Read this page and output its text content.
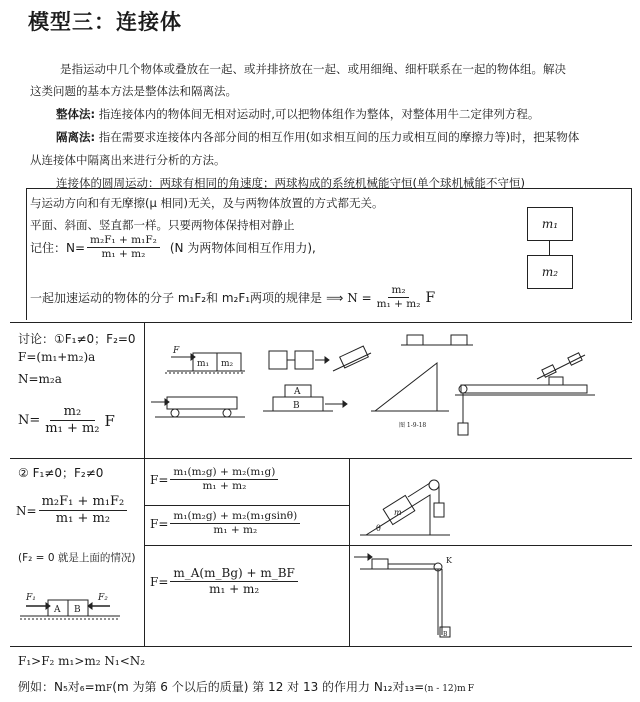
模型三：连接体
是指运动中几个物体或叠放在一起、或并排挤放在一起、或用细绳、细杆联系在一起的物体组。解决
这类问题的基本方法是整体法和隔离法。
整体法: 指连接体内的物体间无相对运动时,可以把物体组作为整体，对整体用牛二定律列方程。
隔离法: 指在需要求连接体内各部分间的相互作用(如求相互间的压力或相互间的摩擦力等)时，把某物体
从连接体中隔离出来进行分析的方法。
连接体的圆周运动：两球有相同的角速度；两球构成的系统机械能守恒(单个球机械能不守恒)
与运动方向和有无摩擦(μ 相同)无关，及与两物体放置的方式都无关。
平面、斜面、竖直都一样。只要两物体保持相对静止
记住：$N= \frac{\text{m₂F₁ + m₁F₂}}{\text{m₁ + m₂}} (N$ 为两物体间相互作用力),
一起加速运动的物体的分子 m₁F₂和 m₂F₁两项的规律是 ⟹ $N = \frac{\text{m₂}}{\text{m₁ + m₂}}$ F
m₁
m₂
讨论：①F₁≠0；F₂=0
F=(m₁+m₂)a
N=m₂a
$N= \frac{\text{m₂}}{\text{m₁ + m₂}}$ F
F
m₁ m₂
A
B
图 1-9-18
② F₁≠0；F₂≠0
$N= \frac{\text{m₂F₁ + m₁F₂}}{\text{m₁ + m₂}}$
(F₂ = 0 就是上面的情况)
F₁
A B
F₂
$F= \frac{\text{m₁(m₂g) + m₂(m₁g)}}{\text{m₁ + m₂}}$
$F= \frac{\text{m₁(m₂g) + m₂(m₁gsinθ)}}{\text{m₁ + m₂}}$
$F= \frac{m\_A(m\_Bg) + m\_BF}{\text{m₁ + m₂}}$
m
θ
K
B
F₁>F₂ m₁>m₂ N₁<N₂
例如：N₅对₆= m F (m 为第 6 个以后的质量) 第 12 对 13 的作用力 N₁₂对₁₃= (n - 12)m F
